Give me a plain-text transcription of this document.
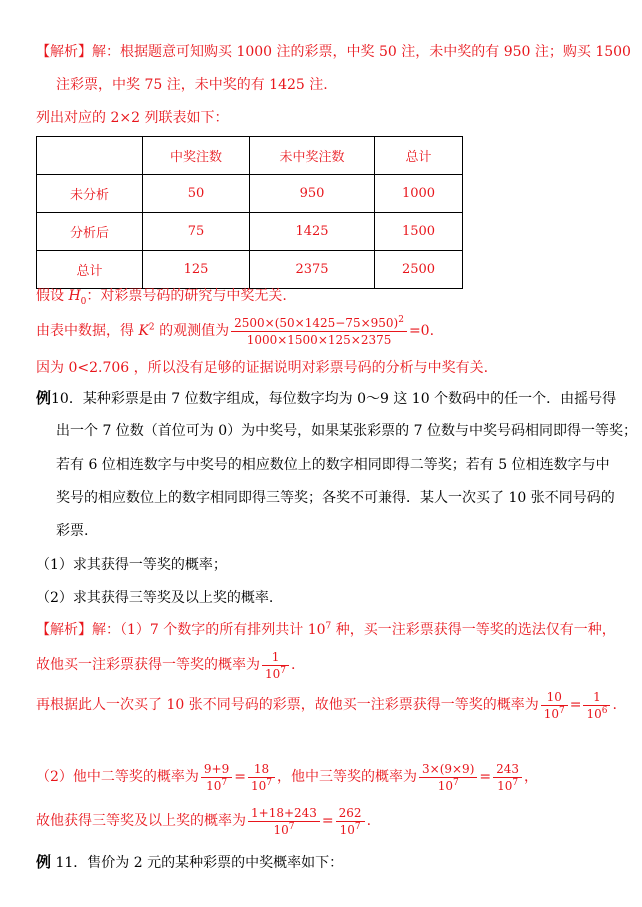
【解析】解：根据题意可知购买 1000 注的彩票，中奖 50 注，未中奖的有 950 注；购买 1500
注彩票，中奖 75 注，未中奖的有 1425 注.
列出对应的 2×2 列联表如下：
	中奖注数	未中奖注数	总计
未分析	50	950	1000
分析后	75	1425	1500
总计	125	2375	2500
假设 $H_0$：对彩票号码的研究与中奖无关.
由表中数据，得 $K^2$ 的观测值为 $\frac{2500\times(50\times 1425-75\times 950)^2}{1000\times 1500\times 125\times 2375} =0$.
因为 0<2.706 ，所以没有足够的证据说明对彩票号码的分析与中奖有关.
例10．某种彩票是由 7 位数字组成，每位数字均为 0～9 这 10 个数码中的任一个．由摇号得
出一个 7 位数（首位可为 0）为中奖号，如果某张彩票的 7 位数与中奖号码相同即得一等奖；
若有 6 位相连数字与中奖号的相应数位上的数字相同即得二等奖；若有 5 位相连数字与中
奖号的相应数位上的数字相同即得三等奖；各奖不可兼得．某人一次买了 10 张不同号码的
彩票.
（1）求其获得一等奖的概率；
（2）求其获得三等奖及以上奖的概率.
【解析】解：（1）7 个数字的所有排列共计 $10^7$ 种，买一注彩票获得一等奖的选法仅有一种，
故他买一注彩票获得一等奖的概率为 $\frac{1}{10^7}$ .
再根据此人一次买了 10 张不同号码的彩票，故他买一注彩票获得一等奖的概率为 $\frac{10}{10^7} = \frac{1}{10^6}$ .
（2）他中二等奖的概率为 $\frac{9+9}{10^7} = \frac{18}{10^7}$ ，他中三等奖的概率为 $\frac{3\times(9\times 9)}{10^7} = \frac{243}{10^7}$ ，
故他获得三等奖及以上奖的概率为 $\frac{1+18+243}{10^7} = \frac{262}{10^7}$ .
例 11．售价为 2 元的某种彩票的中奖概率如下：
